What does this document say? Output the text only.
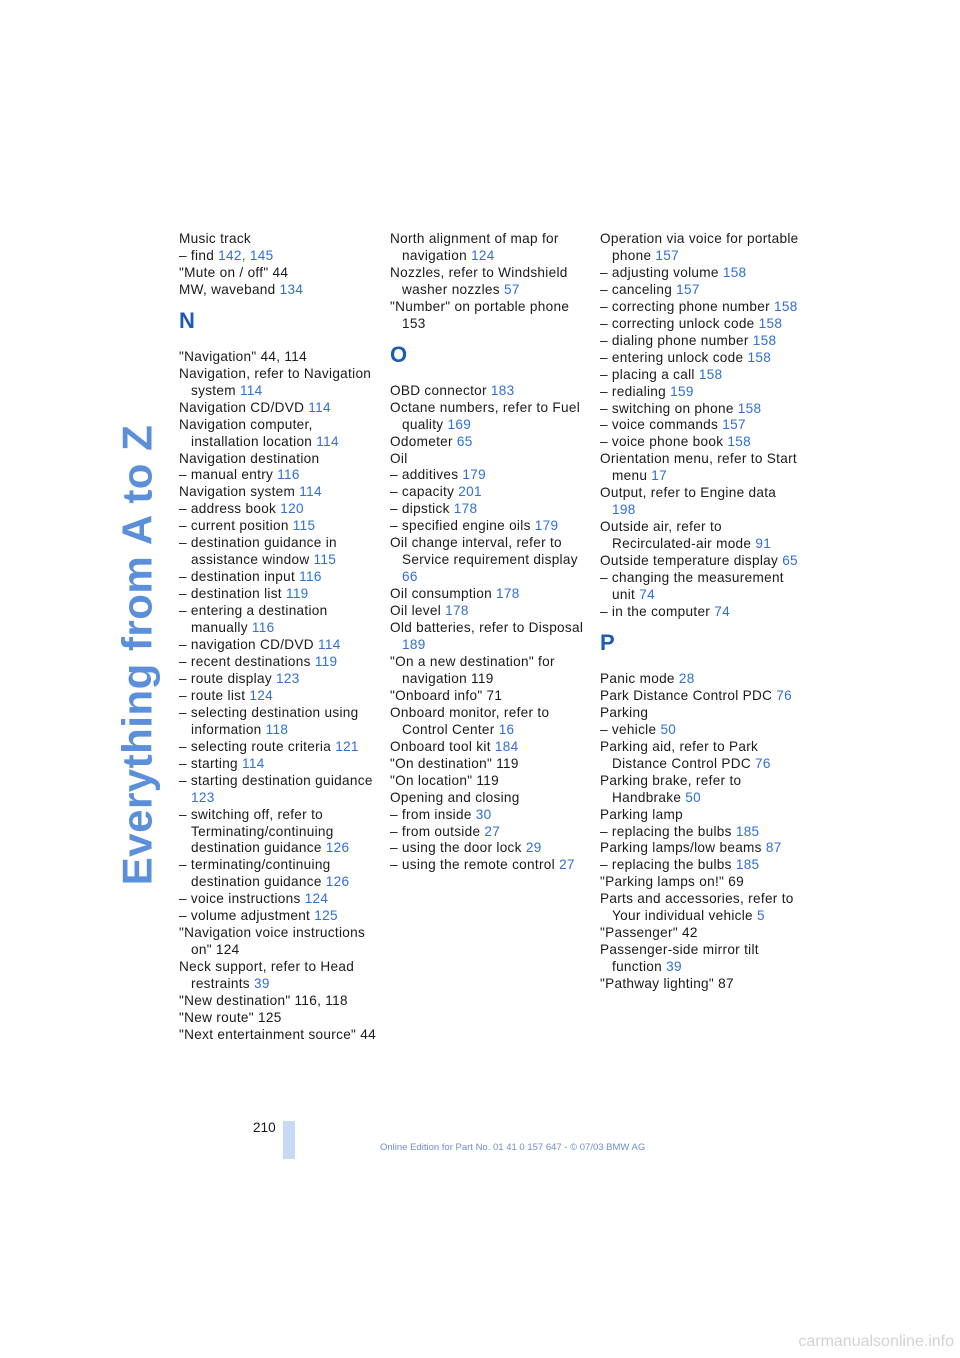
Everything from A to Z
Music track
– find 142, 145
"Mute on / off" 44
MW, waveband 134
N
"Navigation" 44, 114
Navigation, refer to Navigation system 114
Navigation CD/DVD 114
Navigation computer, installation location 114
Navigation destination
– manual entry 116
Navigation system 114
– address book 120
– current position 115
– destination guidance in assistance window 115
– destination input 116
– destination list 119
– entering a destination manually 116
– navigation CD/DVD 114
– recent destinations 119
– route display 123
– route list 124
– selecting destination using information 118
– selecting route criteria 121
– starting 114
– starting destination guidance 123
– switching off, refer to Terminating/continuing destination guidance 126
– terminating/continuing destination guidance 126
– voice instructions 124
– volume adjustment 125
"Navigation voice instructions on" 124
Neck support, refer to Head restraints 39
"New destination" 116, 118
"New route" 125
"Next entertainment source" 44
North alignment of map for navigation 124
Nozzles, refer to Windshield washer nozzles 57
"Number" on portable phone 153
O
OBD connector 183
Octane numbers, refer to Fuel quality 169
Odometer 65
Oil
– additives 179
– capacity 201
– dipstick 178
– specified engine oils 179
Oil change interval, refer to Service requirement display 66
Oil consumption 178
Oil level 178
Old batteries, refer to Disposal 189
"On a new destination" for navigation 119
"Onboard info" 71
Onboard monitor, refer to Control Center 16
Onboard tool kit 184
"On destination" 119
"On location" 119
Opening and closing
– from inside 30
– from outside 27
– using the door lock 29
– using the remote control 27
Operation via voice for portable phone 157
– adjusting volume 158
– canceling 157
– correcting phone number 158
– correcting unlock code 158
– dialing phone number 158
– entering unlock code 158
– placing a call 158
– redialing 159
– switching on phone 158
– voice commands 157
– voice phone book 158
Orientation menu, refer to Start menu 17
Output, refer to Engine data 198
Outside air, refer to Recirculated-air mode 91
Outside temperature display 65
– changing the measurement unit 74
– in the computer 74
P
Panic mode 28
Park Distance Control PDC 76
Parking
– vehicle 50
Parking aid, refer to Park Distance Control PDC 76
Parking brake, refer to Handbrake 50
Parking lamp
– replacing the bulbs 185
Parking lamps/low beams 87
– replacing the bulbs 185
"Parking lamps on!" 69
Parts and accessories, refer to Your individual vehicle 5
"Passenger" 42
Passenger-side mirror tilt function 39
"Pathway lighting" 87
210
Online Edition for Part No. 01 41 0 157 647 - © 07/03 BMW AG
carmanualsonline.info
